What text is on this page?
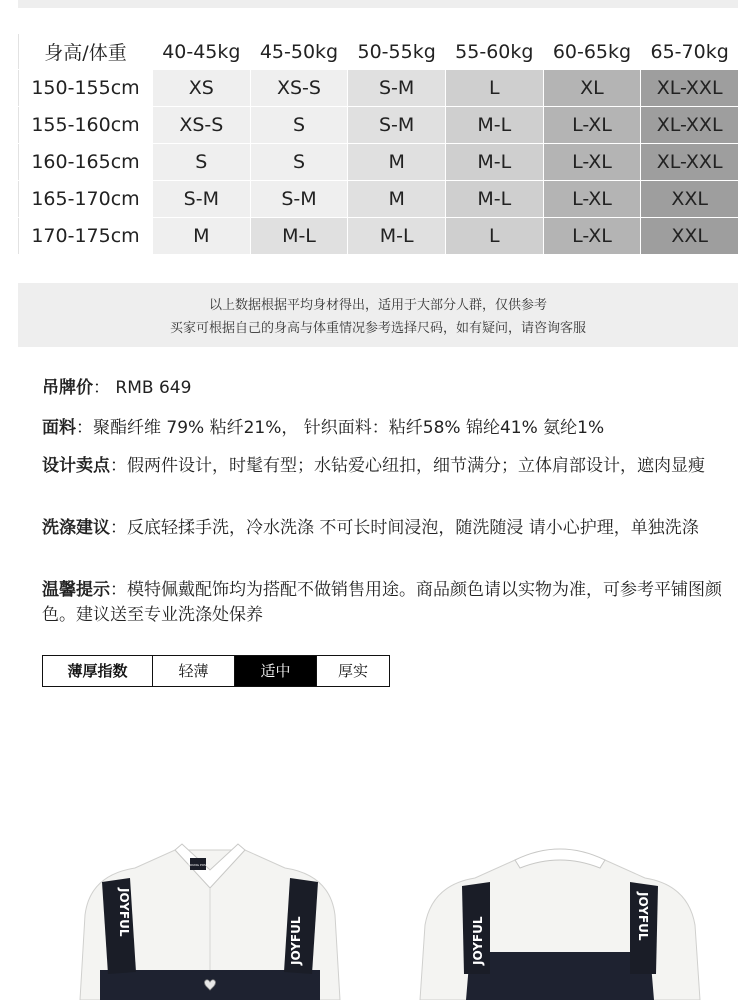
身高/体重	40-45kg	45-50kg	50-55kg	55-60kg	60-65kg	65-70kg
150-155cm	XS	XS-S	S-M	L	XL	XL-XXL
155-160cm	XS-S	S	S-M	M-L	L-XL	XL-XXL
160-165cm	S	S	M	M-L	L-XL	XL-XXL
165-170cm	S-M	S-M	M	M-L	L-XL	XXL
170-175cm	M	M-L	M-L	L	L-XL	XXL
以上数据根据平均身材得出，适用于大部分人群，仅供参考
买家可根据自己的身高与体重情况参考选择尺码，如有疑问，请咨询客服
吊牌价： RMB 649
面料：聚酯纤维 79% 粘纤21%， 针织面料：粘纤58% 锦纶41% 氨纶1%
设计卖点：假两件设计，时髦有型；水钻爱心纽扣，细节满分；立体肩部设计，遮肉显瘦
洗涤建议：反底轻揉手洗，冷水洗涤 不可长时间浸泡，随洗随浸 请小心护理，单独洗涤
温馨提示：模特佩戴配饰均为搭配不做销售用途。商品颜色请以实物为准，可参考平铺图颜色。建议送至专业洗涤处保养
薄厚指数	轻薄	适中	厚实
YOUNG POSE
JOYFUL
JOYFUL	JOYFUL
JOYFUL
